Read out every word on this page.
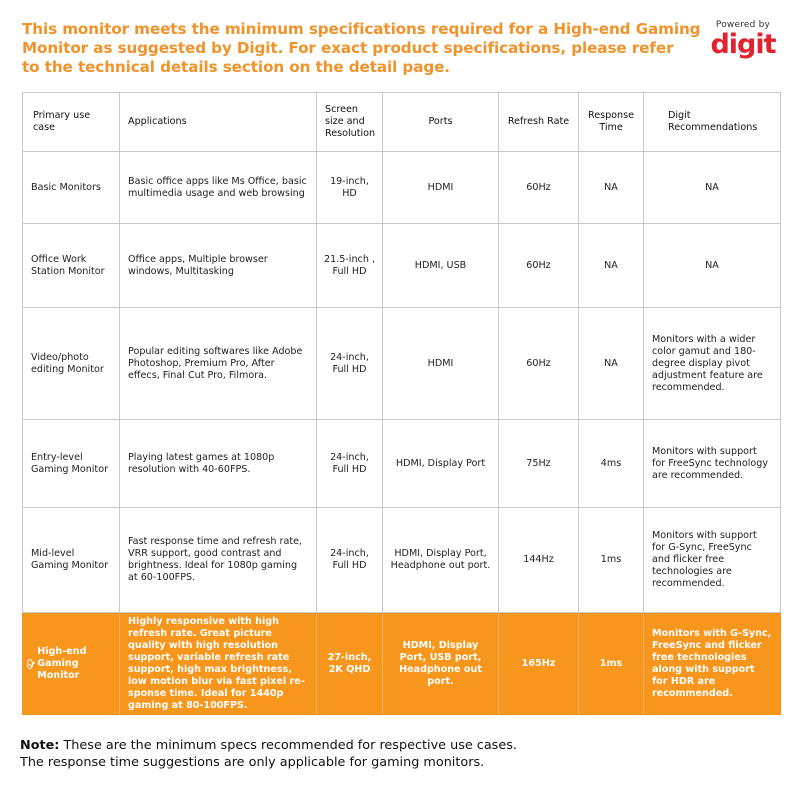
This monitor meets the minimum specifications required for a High-end Gaming
Monitor as suggested by Digit. For exact product specifications, please refer
to the technical details section on the detail page.
Powered by
digit
Primary use case	Applications	Screen size and Resolution	Ports	Refresh Rate	Response Time	Digit Recommendations
Basic Monitors	Basic office apps like Ms Office, basic multimedia usage and web browsing	19-inch, HD	HDMI	60Hz	NA	NA
Office Work Station Monitor	Office apps, Multiple browser windows, Multitasking	21.5-inch , Full HD	HDMI, USB	60Hz	NA	NA
Video/photo editing Monitor	Popular editing softwares like Adobe Photoshop, Premium Pro, After effecs, Final Cut Pro, Filmora.	24-inch, Full HD	HDMI	60Hz	NA	Monitors with a wider color gamut and 180-degree display pivot adjustment feature are recommended.
Entry-level Gaming Monitor	Playing latest games at 1080p resolution with 40-60FPS.	24-inch, Full HD	HDMI, Display Port	75Hz	4ms	Monitors with support for FreeSync technology are recommended.
Mid-level Gaming Monitor	Fast response time and refresh rate, VRR support, good contrast and brightness. Ideal for 1080p gaming at 60-100FPS.	24-inch, Full HD	HDMI, Display Port, Headphone out port.	144Hz	1ms	Monitors with support for G-Sync, FreeSync and flicker free technologies are recommended.

High-end Gaming Monitor	Highly responsive with high refresh rate. Great picture quality with high resolution support, variable refresh rate support, high max brightness, low motion blur via fast pixel re-sponse time. Ideal for 1440p gaming at 80-100FPS.	27-inch, 2K QHD	HDMI, Display Port, USB port, Headphone out port.	165Hz	1ms	Monitors with G-Sync, FreeSync and flicker free technologies along with support for HDR are recommended.
Note: These are the minimum specs recommended for respective use cases.
The response time suggestions are only applicable for gaming monitors.
